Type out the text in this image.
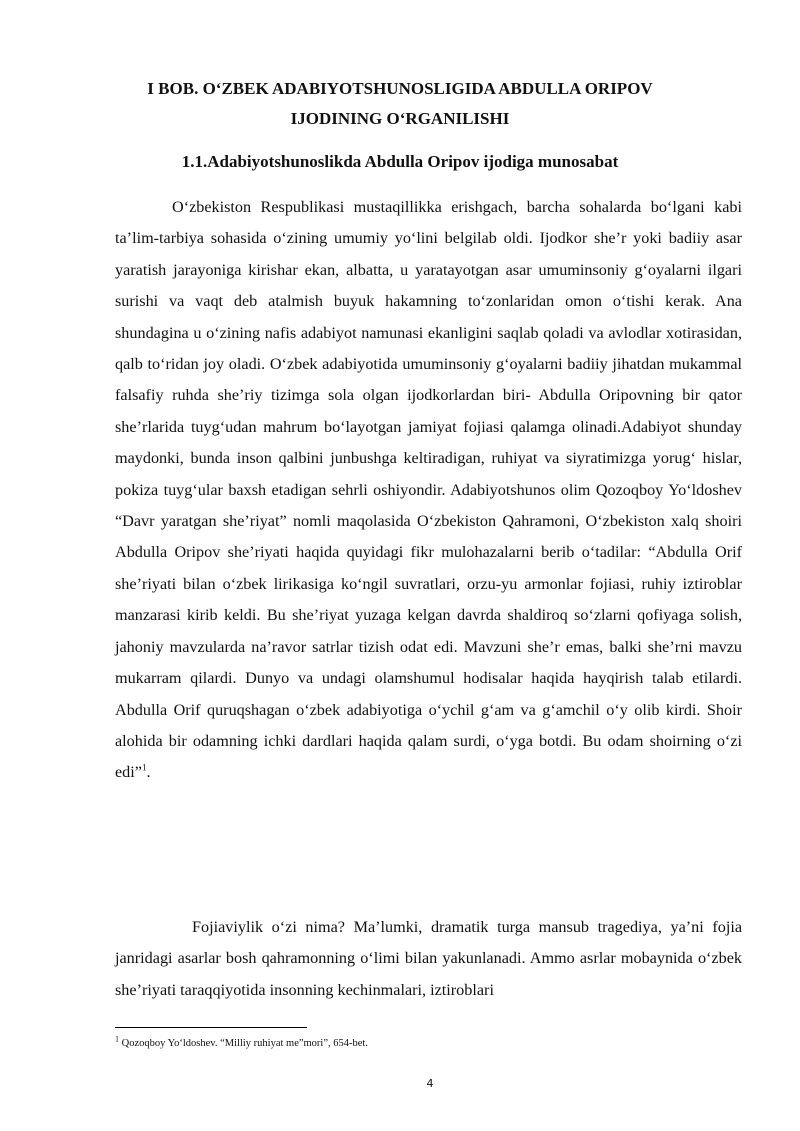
I BOB. O‘ZBEK ADABIYOTSHUNOSLIGIDA ABDULLA ORIPOV
IJODINING O‘RGANILISHI
1.1.Adabiyotshunoslikda Abdulla Oripov ijodiga munosabat

O‘zbekiston Respublikasi mustaqillikka erishgach, barcha sohalarda bo‘lgani kabi ta’lim-tarbiya sohasida o‘zining umumiy yo‘lini belgilab oldi. Ijodkor she’r yoki badiiy asar yaratish jarayoniga kirishar ekan, albatta, u yaratayotgan asar umuminsoniy g‘oyalarni ilgari surishi va vaqt deb atalmish buyuk hakamning to‘zonlaridan omon o‘tishi kerak. Ana shundagina u o‘zining nafis adabiyot namunasi ekanligini saqlab qoladi va avlodlar xotirasidan, qalb to‘ridan joy oladi. O‘zbek adabiyotida umuminsoniy g‘oyalarni badiiy jihatdan mukammal falsafiy ruhda she’riy tizimga sola olgan ijodkorlardan biri- Abdulla Oripovning bir qator she’rlarida tuyg‘udan mahrum bo‘layotgan jamiyat fojiasi qalamga olinadi.Adabiyot shunday maydonki, bunda inson qalbini junbushga keltiradigan, ruhiyat va siyratimizga yorug‘ hislar, pokiza tuyg‘ular baxsh etadigan sehrli oshiyondir. Adabiyotshunos olim Qozoqboy Yo‘ldoshev “Davr yaratgan she’riyat” nomli maqolasida O‘zbekiston Qahramoni, O‘zbekiston xalq shoiri Abdulla Oripov she’riyati haqida quyidagi fikr mulohazalarni berib o‘tadilar: “Abdulla Orif she’riyati bilan o‘zbek lirikasiga ko‘ngil suvratlari, orzu-yu armonlar fojiasi, ruhiy iztiroblar manzarasi kirib keldi. Bu she’riyat yuzaga kelgan davrda shaldiroq so‘zlarni qofiyaga solish, jahoniy mavzularda na’ravor satrlar tizish odat edi. Mavzuni she’r emas, balki she’rni mavzu mukarram qilardi. Dunyo va undagi olamshumul hodisalar haqida hayqirish talab etilardi. Abdulla Orif quruqshagan o‘zbek adabiyotiga o‘ychil g‘am va g‘amchil o‘y olib kirdi. Shoir alohida bir odamning ichki dardlari haqida qalam surdi, o‘yga botdi. Bu odam shoirning o‘zi edi”$^1$.

Fojiaviylik o‘zi nima? Ma’lumki, dramatik turga mansub tragediya, ya’ni fojia janridagi asarlar bosh qahramonning o‘limi bilan yakunlanadi. Ammo asrlar mobaynida o‘zbek she’riyati taraqqiyotida insonning kechinmalari, iztiroblari

$^1$ Qozoqboy Yo‘ldoshev. “Milliy ruhiyat me”mori”, 654-bet.
4
